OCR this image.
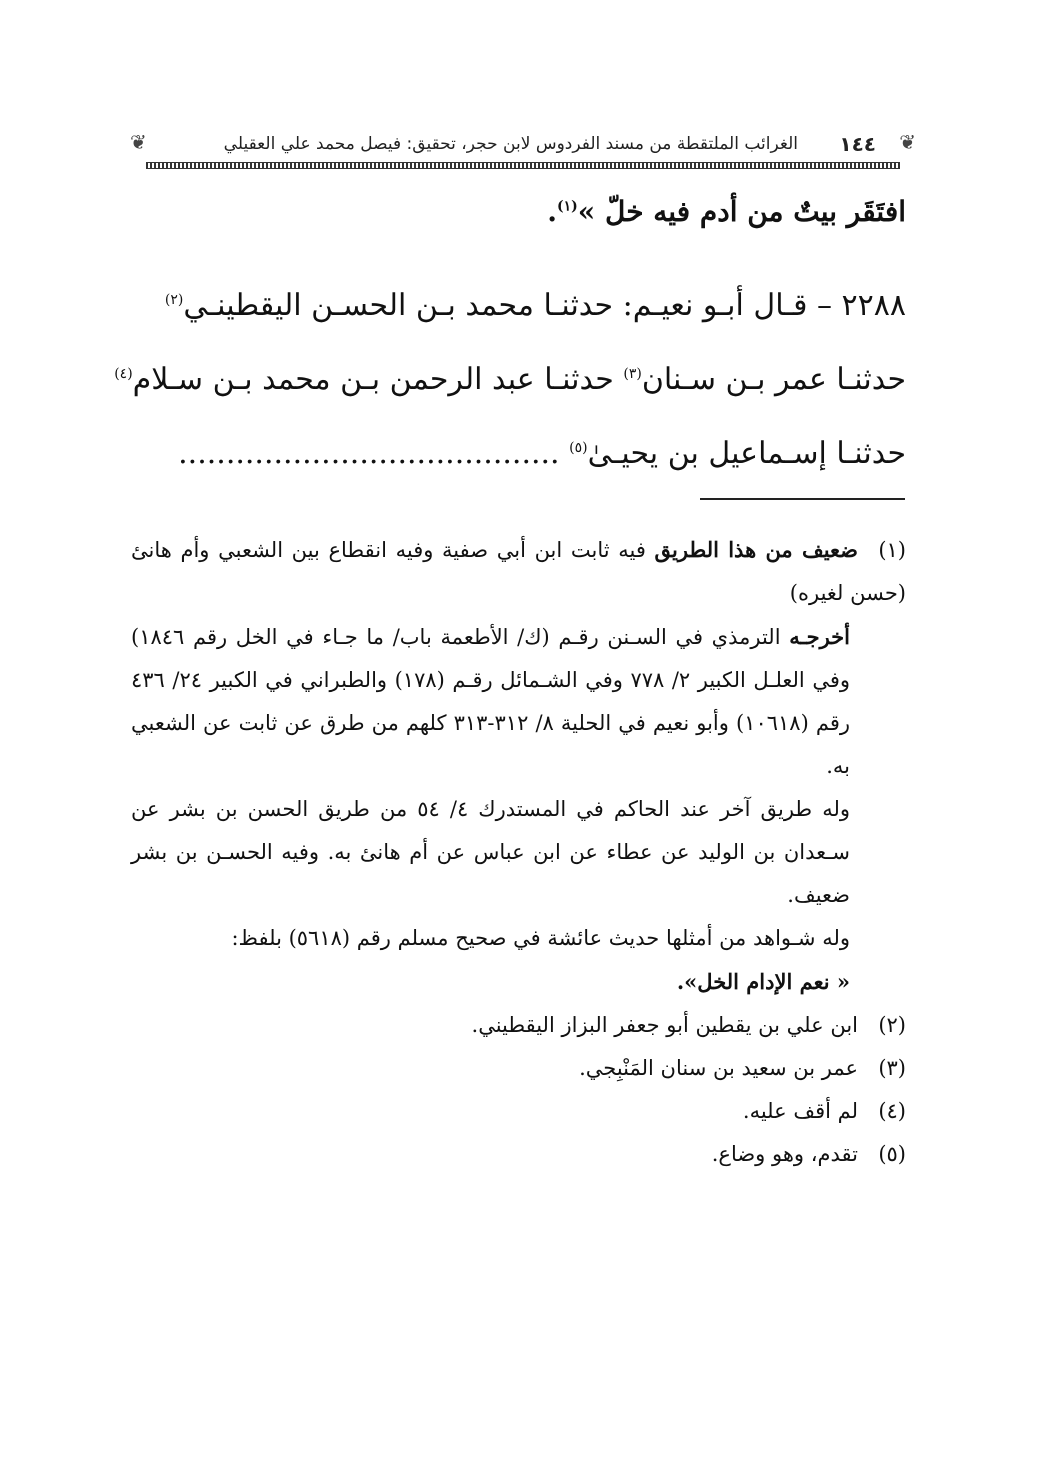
❦
١٤٤
الغرائب الملتقطة من مسند الفردوس لابن حجر، تحقيق: فيصل محمد علي العقيلي
❦
افتَقَر بيتٌ من أدم فيه خلّ »$^{(١)}$.
٢٢٨٨ – قـال أبـو نعيـم: حدثنـا محمد بـن الحسـن اليقطينـي$^{(٢)}$
حدثنـا عمر بـن سـنان$^{(٣)}$ حدثنـا عبد الرحمن بـن محمد بـن سـلام$^{(٤)}$
حدثنـا إسـماعيل بن يحيـىٰ$^{(٥)}$ ........................................

(١)ضعيف من هذا الطريق فيه ثابت ابن أبي صفية وفيه انقطاع بين الشعبي وأم هانئ (حسن لغيره)

أخرجـه الترمذي في السـنن رقـم (ك/ الأطعمة باب/ ما جـاء في الخل رقم ١٨٤٦) وفي العلـل الكبير ٢/ ٧٧٨ وفي الشـمائل رقـم (١٧٨) والطبراني في الكبير ٢٤/ ٤٣٦ رقم (١٠٦١٨) وأبو نعيم في الحلية ٨/ ٣١٢-٣١٣ كلهم من طرق عن ثابت عن الشعبي به.

وله طريق آخر عند الحاكم في المستدرك ٤/ ٥٤ من طريق الحسن بن بشر عن سـعدان بن الوليد عن عطاء عن ابن عباس عن أم هانئ به. وفيه الحسـن بن بشر ضعيف.

وله شـواهد من أمثلها حديث عائشة في صحيح مسلم رقم (٥٦١٨) بلفظ:

« نعم الإدام الخل».

(٢)ابن علي بن يقطين أبو جعفر البزاز اليقطيني.

(٣)عمر بن سعيد بن سنان المَنْبِجي.

(٤)لم أقف عليه.

(٥)تقدم، وهو وضاع.
